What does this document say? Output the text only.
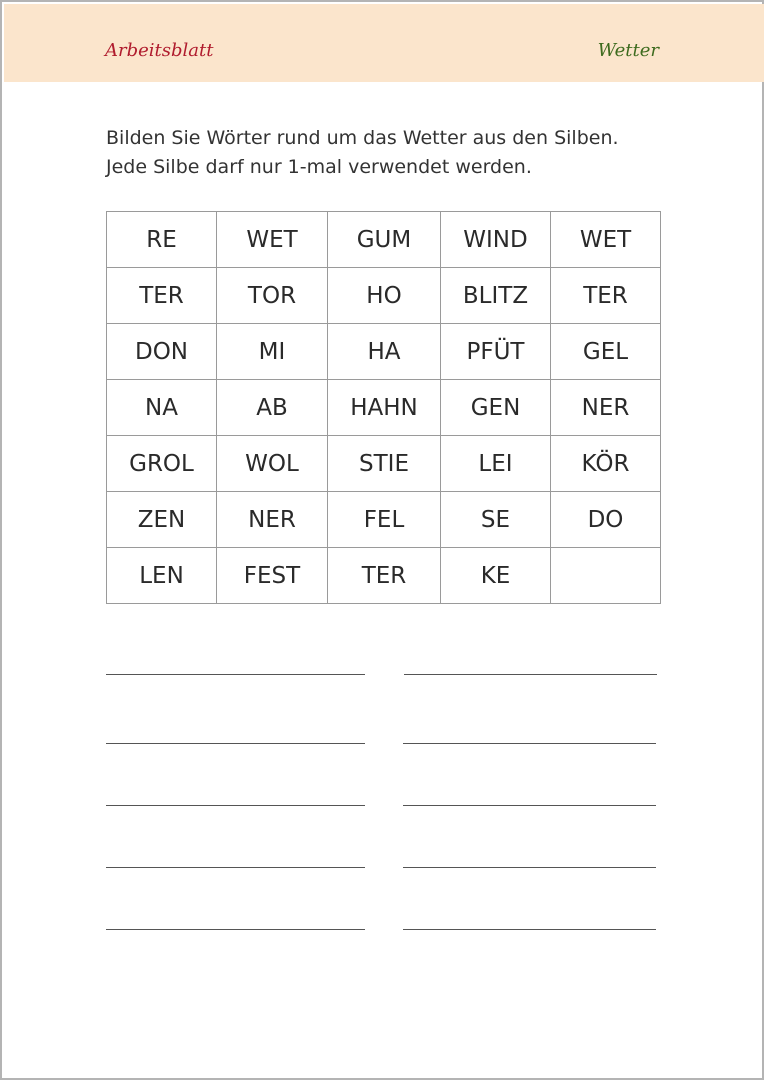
Arbeitsblatt	Wetter
Bilden Sie Wörter rund um das Wetter aus den Silben.
Jede Silbe darf nur 1-mal verwendet werden.
RE	WET	GUM	WIND	WET
TER	TOR	HO	BLITZ	TER
DON	MI	HA	PFÜT	GEL
NA	AB	HAHN	GEN	NER
GROL	WOL	STIE	LEI	KÖR
ZEN	NER	FEL	SE	DO
LEN	FEST	TER	KE	
